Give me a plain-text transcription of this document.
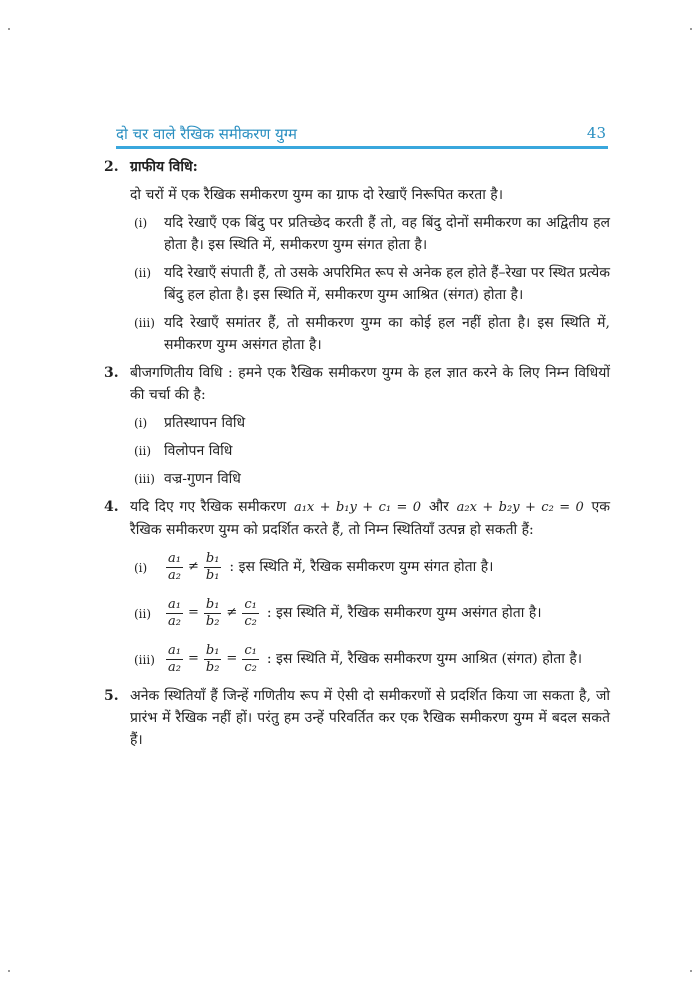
दो चर वाले रैखिक समीकरण युग्म	43
2. ग्राफीय विधि:

दो चरों में एक रैखिक समीकरण युग्म का ग्राफ दो रेखाएँ निरूपित करता है।

(i) यदि रेखाएँ एक बिंदु पर प्रतिच्छेद करती हैं तो, वह बिंदु दोनों समीकरण का अद्वितीय हल होता है। इस स्थिति में, समीकरण युग्म संगत होता है।
(ii) यदि रेखाएँ संपाती हैं, तो उसके अपरिमित रूप से अनेक हल होते हैं–रेखा पर स्थित प्रत्येक बिंदु हल होता है। इस स्थिति में, समीकरण युग्म आश्रित (संगत) होता है।
(iii) यदि रेखाएँ समांतर हैं, तो समीकरण युग्म का कोई हल नहीं होता है। इस स्थिति में, समीकरण युग्म असंगत होता है।
3. बीजगणितीय विधि : हमने एक रैखिक समीकरण युग्म के हल ज्ञात करने के लिए निम्न विधियों की चर्चा की है:

(i) प्रतिस्थापन विधि
(ii) विलोपन विधि
(iii) वज्र-गुणन विधि
4. यदि दिए गए रैखिक समीकरण a₁x + b₁y + c₁ = 0 और a₂x + b₂y + c₂ = 0 एक रैखिक समीकरण युग्म को प्रदर्शित करते हैं, तो निम्न स्थितियाँ उत्पन्न हो सकती हैं:

$(i) \frac{\text{a₁}}{\text{a₂}} \ne \frac{\text{b₁}}{\text{b₁}}$ : इस स्थिति में, रैखिक समीकरण युग्म संगत होता है।
$(ii) \frac{\text{a₁}}{\text{a₂}} = \frac{\text{b₁}}{\text{b₂}} \ne \frac{\text{c₁}}{\text{c₂}}$ : इस स्थिति में, रैखिक समीकरण युग्म असंगत होता है।
$(iii) \frac{\text{a₁}}{\text{a₂}} = \frac{\text{b₁}}{\text{b₂}} = \frac{\text{c₁}}{\text{c₂}}$ : इस स्थिति में, रैखिक समीकरण युग्म आश्रित (संगत) होता है।
5. अनेक स्थितियाँ हैं जिन्हें गणितीय रूप में ऐसी दो समीकरणों से प्रदर्शित किया जा सकता है, जो प्रारंभ में रैखिक नहीं हों। परंतु हम उन्हें परिवर्तित कर एक रैखिक समीकरण युग्म में बदल सकते हैं।
